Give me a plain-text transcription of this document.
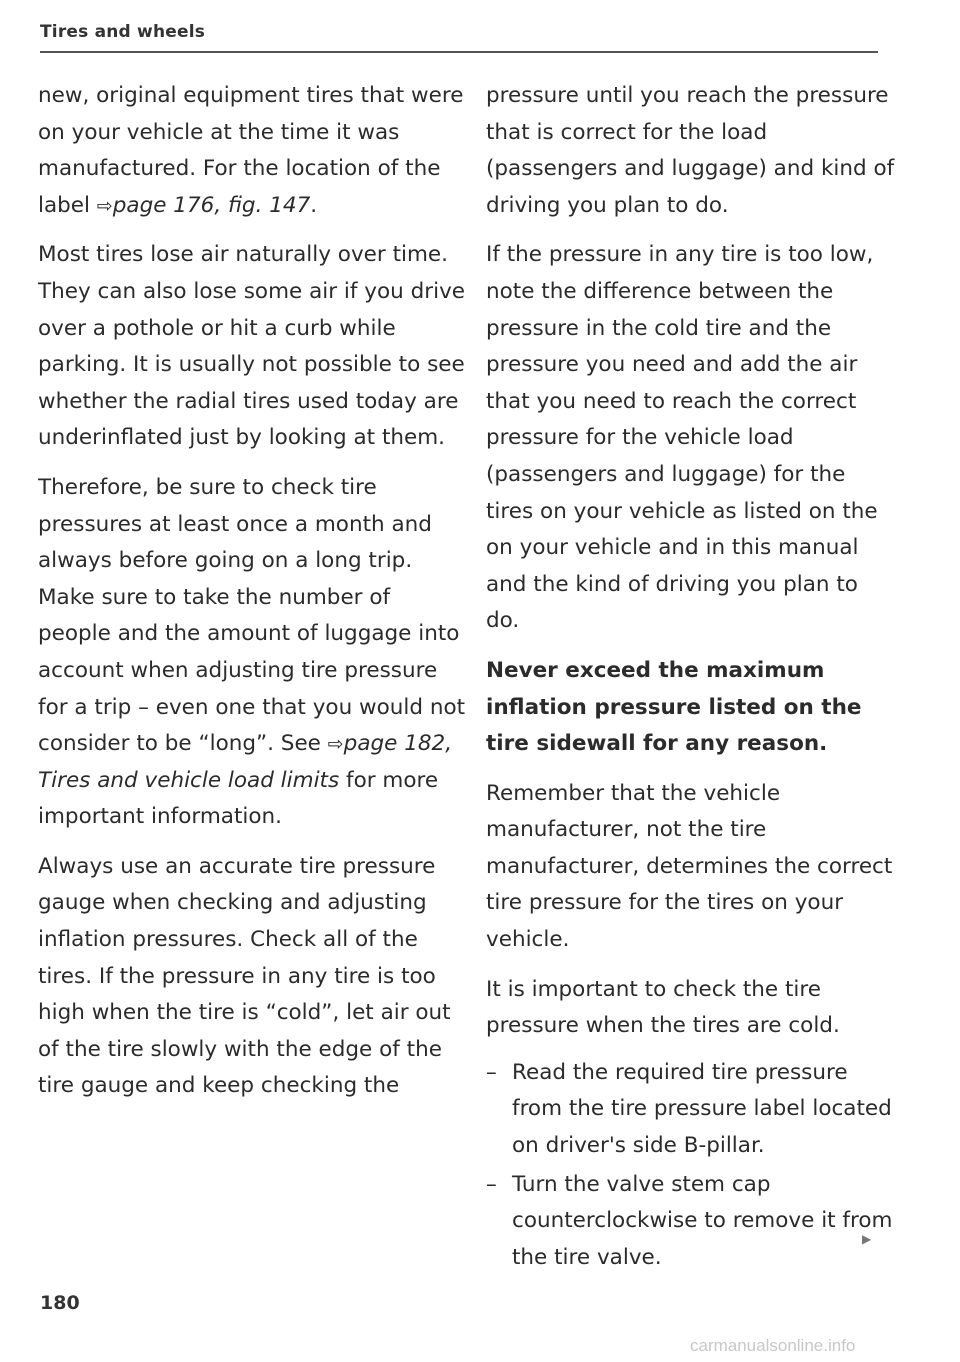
Tires and wheels

new, original equipment tires that were on your vehicle at the time it was manufactured. For the location of the label ⇨page 176, fig. 147.

Most tires lose air naturally over time. They can also lose some air if you drive over a pothole or hit a curb while parking. It is usually not possible to see whether the radial tires used today are underinflated just by looking at them.

Therefore, be sure to check tire pressures at least once a month and always before going on a long trip. Make sure to take the number of people and the amount of luggage into account when adjusting tire pressure for a trip – even one that you would not consider to be “long”. See ⇨page 182, Tires and vehicle load limits for more important information.

Always use an accurate tire pressure gauge when checking and adjusting inflation pressures. Check all of the tires. If the pressure in any tire is too high when the tire is “cold”, let air out of the tire slowly with the edge of the tire gauge and keep checking the

pressure until you reach the pressure that is correct for the load (passengers and luggage) and kind of driving you plan to do.

If the pressure in any tire is too low, note the difference between the pressure in the cold tire and the pressure you need and add the air that you need to reach the correct pressure for the vehicle load (passengers and luggage) for the tires on your vehicle as listed on the on your vehicle and in this manual and the kind of driving you plan to do.

Never exceed the maximum inflation pressure listed on the tire sidewall for any reason.

Remember that the vehicle manufacturer, not the tire manufacturer, determines the correct tire pressure for the tires on your vehicle.

It is important to check the tire pressure when the tires are cold.

– Read the required tire pressure from the tire pressure label located on driver's side B-pillar.
– Turn the valve stem cap counterclockwise to remove it from the tire valve.
▶
180
carmanualsonline.info
